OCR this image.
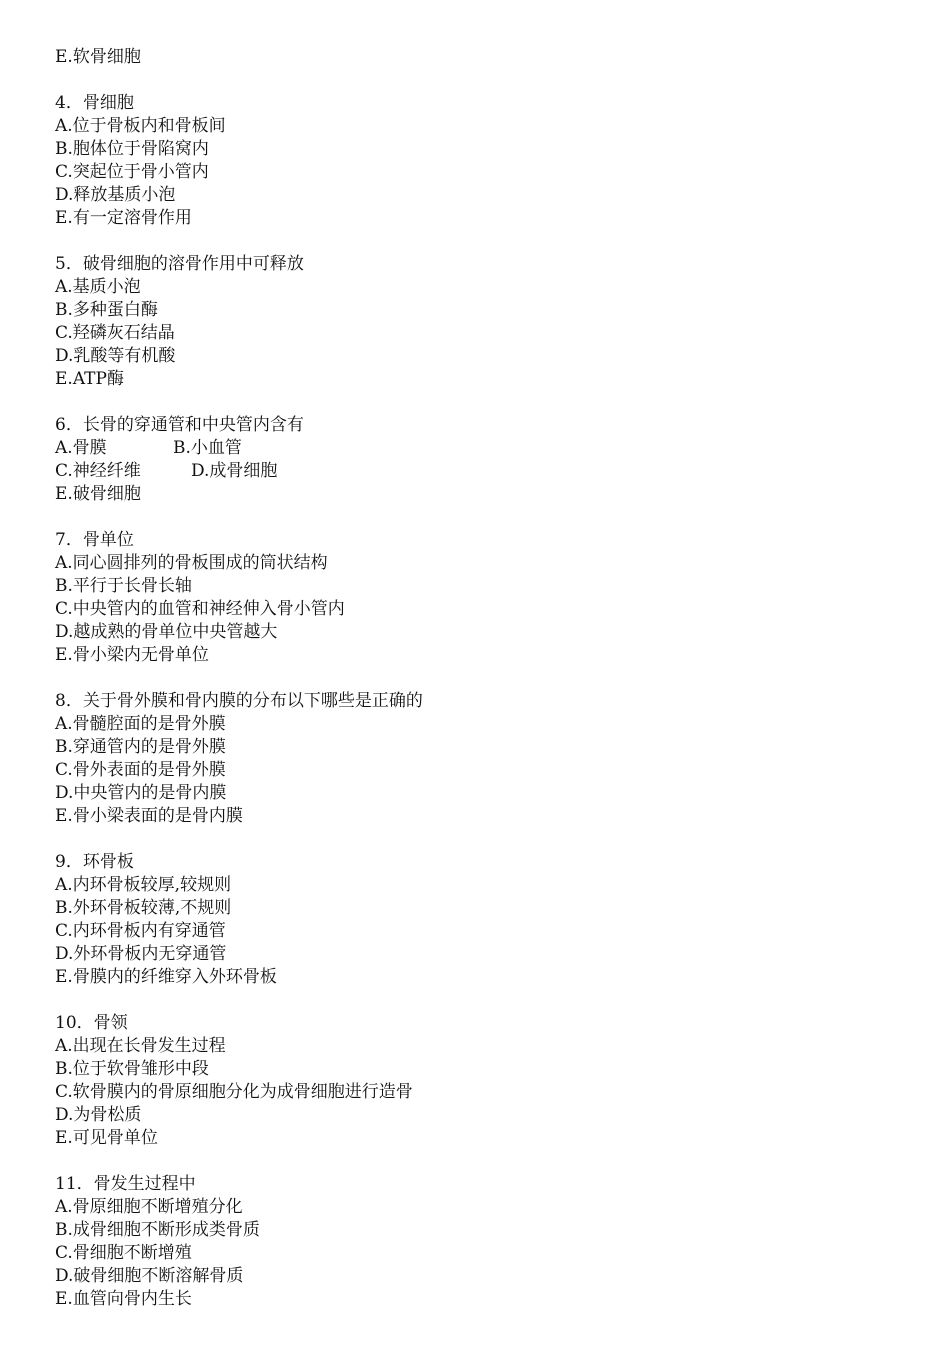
E.软骨细胞
4．骨细胞
A.位于骨板内和骨板间
B.胞体位于骨陷窝内
C.突起位于骨小管内
D.释放基质小泡
E.有一定溶骨作用
5．破骨细胞的溶骨作用中可释放
A.基质小泡
B.多种蛋白酶
C.羟磷灰石结晶
D.乳酸等有机酸
E.ATP酶
6．长骨的穿通管和中央管内含有
A.骨膜	B.小血管
C.神经纤维	D.成骨细胞
E.破骨细胞
7．骨单位
A.同心圆排列的骨板围成的筒状结构
B.平行于长骨长轴
C.中央管内的血管和神经伸入骨小管内
D.越成熟的骨单位中央管越大
E.骨小梁内无骨单位
8．关于骨外膜和骨内膜的分布以下哪些是正确的
A.骨髓腔面的是骨外膜
B.穿通管内的是骨外膜
C.骨外表面的是骨外膜
D.中央管内的是骨内膜
E.骨小梁表面的是骨内膜
9．环骨板
A.内环骨板较厚,较规则
B.外环骨板较薄,不规则
C.内环骨板内有穿通管
D.外环骨板内无穿通管
E.骨膜内的纤维穿入外环骨板
10．骨领
A.出现在长骨发生过程
B.位于软骨雏形中段
C.软骨膜内的骨原细胞分化为成骨细胞进行造骨
D.为骨松质
E.可见骨单位
11．骨发生过程中
A.骨原细胞不断增殖分化
B.成骨细胞不断形成类骨质
C.骨细胞不断增殖
D.破骨细胞不断溶解骨质
E.血管向骨内生长
